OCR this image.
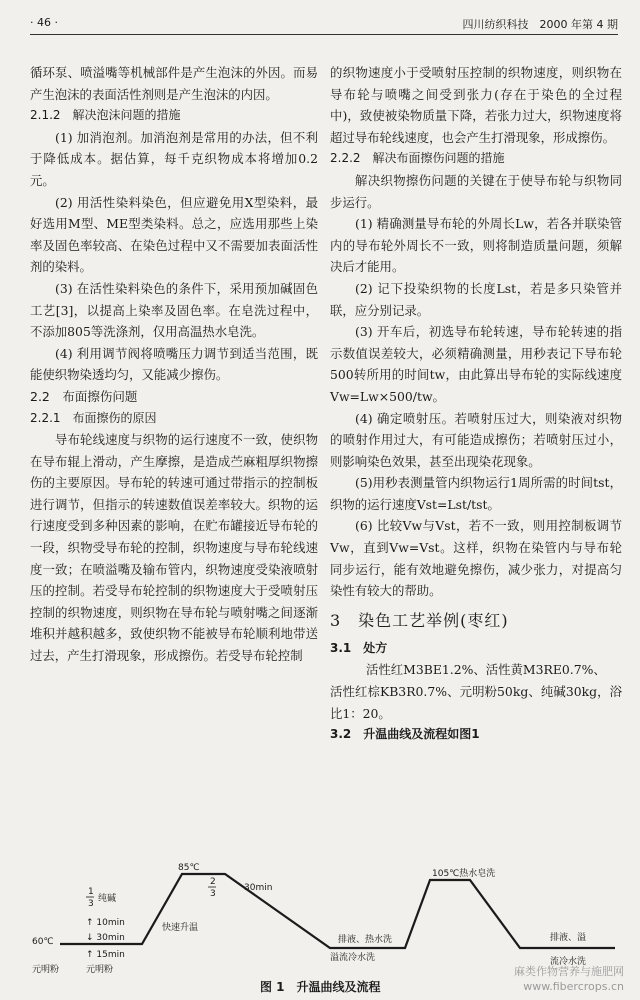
· 46 ·	四川纺织科技　2000 年第 4 期

循环泵、喷溢嘴等机械部件是产生泡沫的外因。而易产生泡沫的表面活性剂则是产生泡沫的内因。

2.1.2　解决泡沫问题的措施

(1) 加消泡剂。加消泡剂是常用的办法，但不利于降低成本。据估算，每千克织物成本将增加0.2元。

(2) 用活性染料染色，但应避免用X型染料，最好选用M型、ME型类染料。总之，应选用那些上染率及固色率较高、在染色过程中又不需要加表面活性剂的染料。

(3) 在活性染料染色的条件下，采用预加碱固色工艺[3]，以提高上染率及固色率。在皂洗过程中，不添加805等洗涤剂，仅用高温热水皂洗。

(4) 利用调节阀将喷嘴压力调节到适当范围，既能使织物染透均匀，又能减少擦伤。

2.2　布面擦伤问题

2.2.1　布面擦伤的原因

导布轮线速度与织物的运行速度不一致，使织物在导布辊上滑动，产生摩擦，是造成苎麻粗厚织物擦伤的主要原因。导布轮的转速可通过带指示的控制板进行调节，但指示的转速数值误差率较大。织物的运行速度受到多种因素的影响，在贮布罐接近导布轮的一段，织物受导布轮的控制，织物速度与导布轮线速度一致；在喷溢嘴及输布管内，织物速度受染液喷射压的控制。若受导布轮控制的织物速度大于受喷射压控制的织物速度，则织物在导布轮与喷射嘴之间逐渐堆积并越积越多，致使织物不能被导布轮顺利地带送过去，产生打滑现象，形成擦伤。若受导布轮控制

的织物速度小于受喷射压控制的织物速度，则织物在导布轮与喷嘴之间受到张力(存在于染色的全过程中)，致使被染物质量下降，若张力过大，织物速度将超过导布轮线速度，也会产生打滑现象，形成擦伤。

2.2.2　解决布面擦伤问题的措施

解决织物擦伤问题的关键在于使导布轮与织物同步运行。

(1) 精确测量导布轮的外周长Lw，若各并联染管内的导布轮外周长不一致，则将制造质量问题，须解决后才能用。

(2) 记下投染织物的长度Lst，若是多只染管并联，应分别记录。

(3) 开车后，初选导布轮转速，导布轮转速的指示数值误差较大，必须精确测量，用秒表记下导布轮500转所用的时间tw，由此算出导布轮的实际线速度Vw=Lw×500/tw。

(4) 确定喷射压。若喷射压过大，则染液对织物的喷射作用过大，有可能造成擦伤；若喷射压过小，则影响染色效果，甚至出现染花现象。

(5)用秒表测量管内织物运行1周所需的时间tst，织物的运行速度Vst=Lst/tst。

(6) 比较Vw与Vst，若不一致，则用控制板调节Vw，直到Vw=Vst。这样，织物在染管内与导布轮同步运行，能有效地避免擦伤，减少张力，对提高匀染性有较大的帮助。

3　染色工艺举例(枣红)

3.1　处方

活性红M3BE1.2%、活性黄M3RE0.7%、

活性红棕KB3R0.7%、元明粉50kg、纯碱30kg，浴比1：20。

3.2　升温曲线及流程如图1

60℃
85℃
105℃热水皂洗
1
3 纯碱
↑ 10min
↓ 30min
↑ 15min
元明粉	元明粉
快速升温
2
3
30min
排液、热水洗
溢流冷水洗
排液、溢
流冷水洗
图 1　升温曲线及流程
麻类作物营养与施肥网
www.fibercrops.cn
